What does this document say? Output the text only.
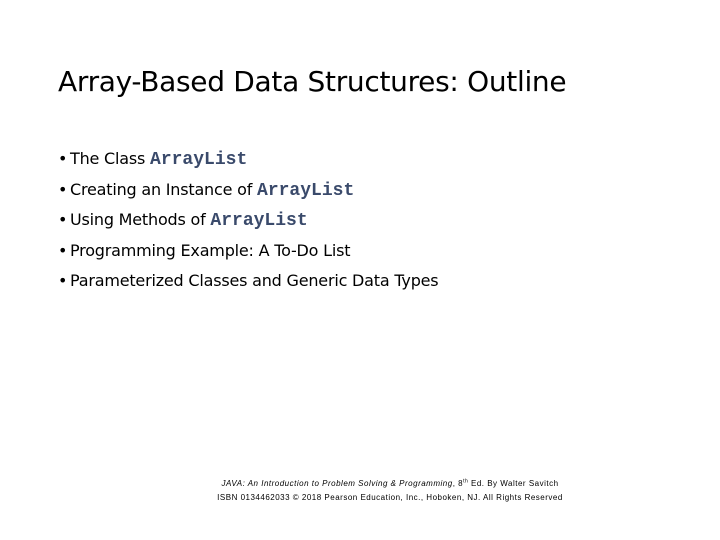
Array-Based Data Structures: Outline
• The Class ArrayList
• Creating an Instance of ArrayList
• Using Methods of ArrayList
• Programming Example: A To-Do List
• Parameterized Classes and Generic Data Types
JAVA: An Introduction to Problem Solving & Programming, 8th Ed. By Walter Savitch
ISBN 0134462033 © 2018 Pearson Education, Inc., Hoboken, NJ. All Rights Reserved
